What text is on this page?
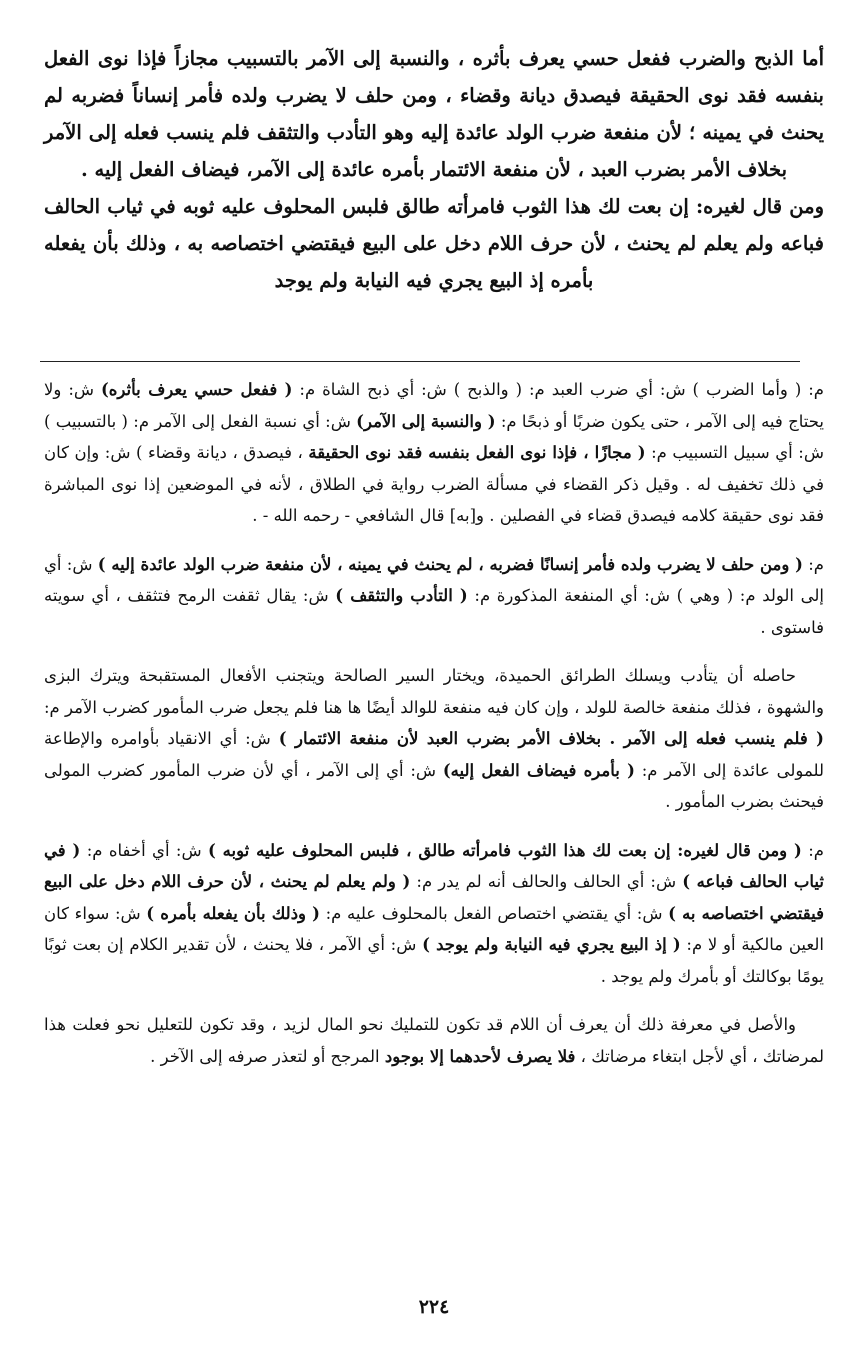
أما الذبح والضرب ففعل حسي يعرف بأثره ، والنسبة إلى الآمر بالتسبيب مجازاً فإذا نوى الفعل بنفسه فقد نوى الحقيقة فيصدق ديانة وقضاء ، ومن حلف لا يضرب ولده فأمر إنساناً فضربه لم يحنث في يمينه ؛ لأن منفعة ضرب الولد عائدة إليه وهو التأدب والتثقف فلم ينسب فعله إلى الآمر بخلاف الأمر بضرب العبد ، لأن منفعة الائتمار بأمره عائدة إلى الآمر، فيضاف الفعل إليه .

ومن قال لغيره: إن بعت لك هذا الثوب فامرأته طالق فلبس المحلوف عليه ثوبه في ثياب الحالف فباعه ولم يعلم لم يحنث ، لأن حرف اللام دخل على البيع فيقتضي اختصاصه به ، وذلك بأن يفعله بأمره إذ البيع يجري فيه النيابة ولم يوجد

م: ( وأما الضرب ) ش: أي ضرب العبد م: ( والذبح ) ش: أي ذبح الشاة م: ( ففعل حسي يعرف بأثره) ش: ولا يحتاج فيه إلى الآمر ، حتى يكون ضربًا أو ذبحًا م: ( والنسبة إلى الآمر) ش: أي نسبة الفعل إلى الآمر م: ( بالتسبيب ) ش: أي سبيل التسبيب م: ( مجازًا ، فإذا نوى الفعل بنفسه فقد نوى الحقيقة ، فيصدق ، ديانة وقضاء ) ش: وإن كان في ذلك تخفيف له . وقيل ذكر القضاء في مسألة الضرب رواية في الطلاق ، لأنه في الموضعين إذا نوى المباشرة فقد نوى حقيقة كلامه فيصدق قضاء في الفصلين . و[به] قال الشافعي - رحمه الله - .

م: ( ومن حلف لا يضرب ولده فأمر إنسانًا فضربه ، لم يحنث في يمينه ، لأن منفعة ضرب الولد عائدة إليه ) ش: أي إلى الولد م: ( وهي ) ش: أي المنفعة المذكورة م: ( التأدب والتثقف ) ش: يقال ثقفت الرمح فتثقف ، أي سويته فاستوى .

حاصله أن يتأدب ويسلك الطرائق الحميدة، ويختار السير الصالحة ويتجنب الأفعال المستقبحة ويترك البزى والشهوة ، فذلك منفعة خالصة للولد ، وإن كان فيه منفعة للوالد أيضًا ها هنا فلم يجعل ضرب المأمور كضرب الآمر م: ( فلم ينسب فعله إلى الآمر . بخلاف الأمر بضرب العبد لأن منفعة الائتمار ) ش: أي الانقياد بأوامره والإطاعة للمولى عائدة إلى الآمر م: ( بأمره فيضاف الفعل إليه) ش: أي إلى الآمر ، أي لأن ضرب المأمور كضرب المولى فيحنث بضرب المأمور .

م: ( ومن قال لغيره: إن بعت لك هذا الثوب فامرأته طالق ، فلبس المحلوف عليه ثوبه ) ش: أي أخفاه م: ( في ثياب الحالف فباعه ) ش: أي الحالف والحالف أنه لم يدر م: ( ولم يعلم لم يحنث ، لأن حرف اللام دخل على البيع فيقتضي اختصاصه به ) ش: أي يقتضي اختصاص الفعل بالمحلوف عليه م: ( وذلك بأن يفعله بأمره ) ش: سواء كان العين مالكية أو لا م: ( إذ البيع يجري فيه النيابة ولم يوجد ) ش: أي الآمر ، فلا يحنث ، لأن تقدير الكلام إن بعت ثوبًا يومًا بوكالتك أو بأمرك ولم يوجد .

والأصل في معرفة ذلك أن يعرف أن اللام قد تكون للتمليك نحو المال لزيد ، وقد تكون للتعليل نحو فعلت هذا لمرضاتك ، أي لأجل ابتغاء مرضاتك ، فلا يصرف لأحدهما إلا بوجود المرجح أو لتعذر صرفه إلى الآخر .

٢٢٤
